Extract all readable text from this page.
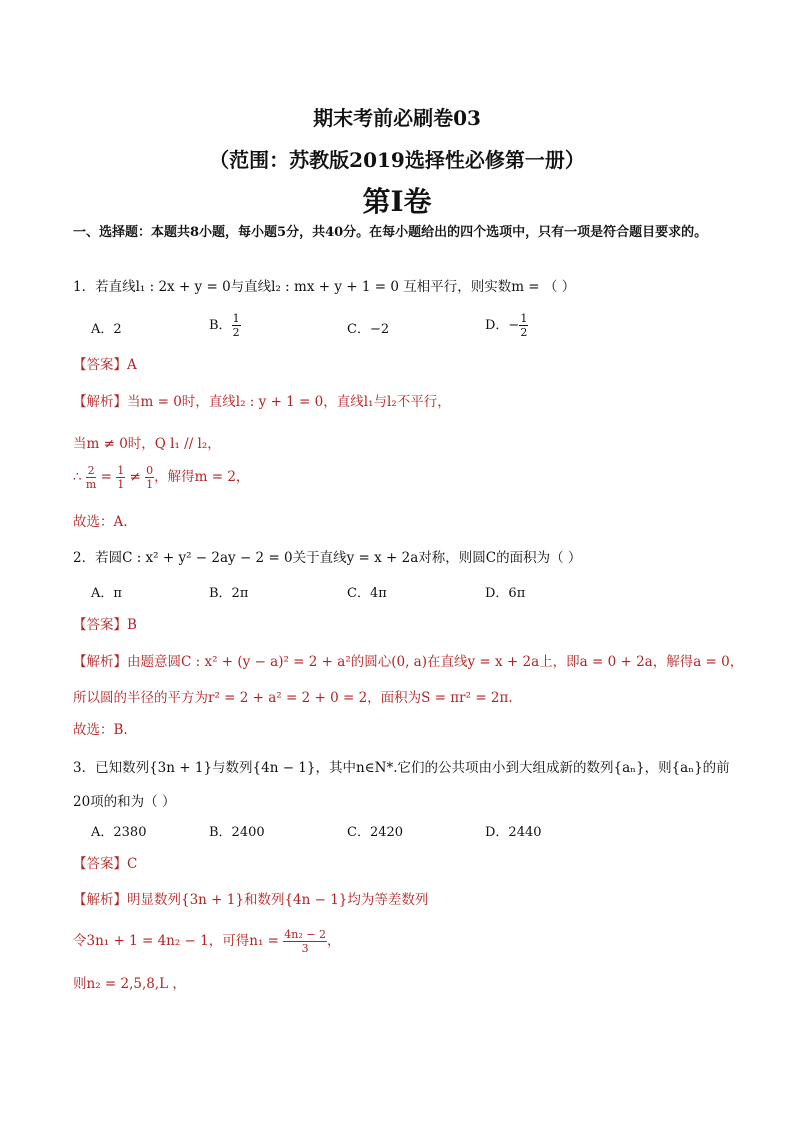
期末考前必刷卷03
（范围：苏教版2019选择性必修第一册）
第Ⅰ卷
一、选择题：本题共8小题，每小题5分，共40分。在每小题给出的四个选项中，只有一项是符合题目要求的。
1．若直线l₁ : 2x + y = 0与直线l₂ : mx + y + 1 = 0 互相平行，则实数m = （ ）
A．2	B． $\frac{1}{2}$	C．−2	D．− $\frac{1}{2}$
【答案】A
【解析】当m = 0时，直线l₂ : y + 1 = 0，直线l₁与l₂不平行，
当m ≠ 0时，Q l₁ // l₂，
∴ $\frac{2}{m} = \frac{1}{1} \ne \frac{0}{1}$ ，解得m = 2，
故选：A.
2．若圆C : x² + y² − 2ay − 2 = 0关于直线y = x + 2a对称，则圆C的面积为（ ）
A．π	B．2π	C．4π	D．6π
【答案】B
【解析】由题意圆C : x² + (y − a)² = 2 + a²的圆心(0, a)在直线y = x + 2a上，即a = 0 + 2a，解得a = 0，
所以圆的半径的平方为r² = 2 + a² = 2 + 0 = 2，面积为S = πr² = 2π.
故选：B.
3．已知数列{3n + 1}与数列{4n − 1}，其中n∈N*.它们的公共项由小到大组成新的数列{aₙ}，则{aₙ}的前
20项的和为（ ）
A．2380	B．2400	C．2420	D．2440
【答案】C
【解析】明显数列{3n + 1}和数列{4n − 1}均为等差数列
令3n₁ + 1 = 4n₂ − 1，可得$n_1 = \frac{\text{4n₂ − 2}}{3}$ ，
则n₂ = 2,5,8,L ，
